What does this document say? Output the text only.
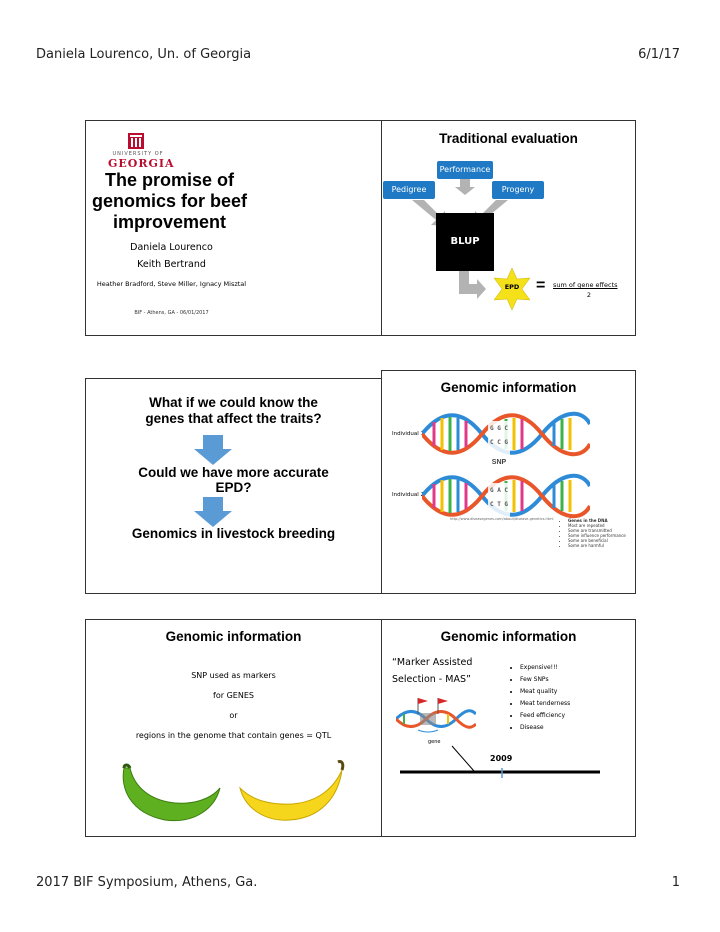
Daniela Lourenco, Un. of Georgia	6/1/17
UNIVERSITY OF
GEORGIA
The promise of
genomics for beef
improvement
Daniela Lourenco
Keith Bertrand
Heather Bradford, Steve Miller, Ignacy Misztal
BIF - Athens, GA - 06/01/2017
Traditional evaluation
Performance
Pedigree	Progeny
BLUP
EPD	= sum of gene effects
2
What if we could know the
genes that affect the traits?
Could we have more accurate
EPD?
Genomics in livestock breeding
Genomic information
Individual 1
Individual 2
G G C
C C G
G A C
C T G
SNP
http://www.diseasegenes.com/about/disease-genetics.html
•	Genes in the DNA
• Most are repeated
• Some are transmitted
• Some influence performance
• Some are beneficial
• Some are harmful
Genomic information
SNP used as markers
for GENES
or
regions in the genome that contain genes = QTL
Genomic information
“Marker Assisted
Selection - MAS”
• Expensive!!!
• Few SNPs
• Meat quality
• Meat tenderness
• Feed efficiency
• Disease
gene
2009
2017 BIF Symposium, Athens, Ga.	1
